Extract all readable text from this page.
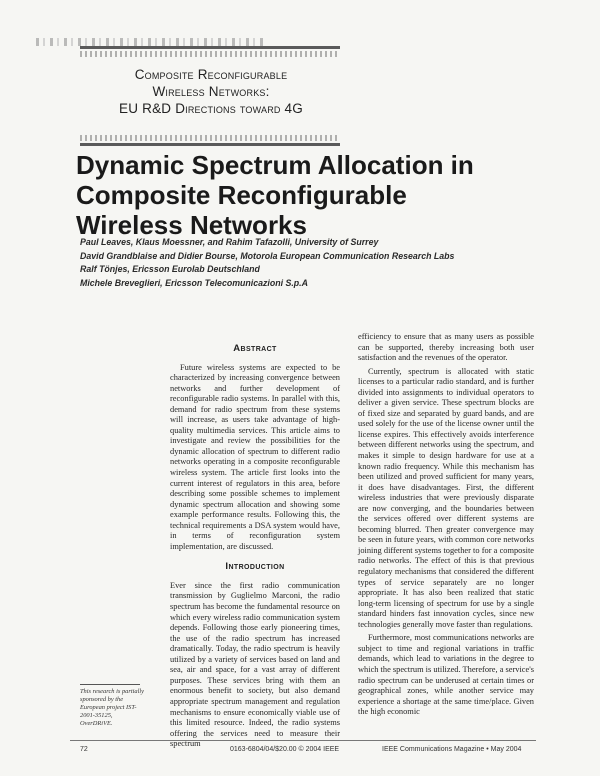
Composite Reconfigurable
Wireless Networks:
EU R&D Directions toward 4G
Dynamic Spectrum Allocation in
Composite Reconfigurable
Wireless Networks
Paul Leaves, Klaus Moessner, and Rahim Tafazolli, University of Surrey
David Grandblaise and Didier Bourse, Motorola European Communication Research Labs
Ralf Tönjes, Ericsson Eurolab Deutschland
Michele Breveglieri, Ericsson Telecomunicazioni S.p.A
Abstract

Future wireless systems are expected to be characterized by increasing convergence between networks and further development of reconfigurable radio systems. In parallel with this, demand for radio spectrum from these systems will increase, as users take advantage of high-quality multimedia services. This article aims to investigate and review the possibilities for the dynamic allocation of spectrum to different radio networks operating in a composite reconfigurable wireless system. The article first looks into the current interest of regulators in this area, before describing some possible schemes to implement dynamic spectrum allocation and showing some example performance results. Following this, the technical requirements a DSA system would have, in terms of reconfiguration system implementation, are discussed.

Introduction

Ever since the first radio communication transmission by Guglielmo Marconi, the radio spectrum has become the fundamental resource on which every wireless radio communication system depends. Following those early pioneering times, the use of the radio spectrum has increased dramatically. Today, the radio spectrum is heavily utilized by a variety of services based on land and sea, air and space, for a vast array of different purposes. These services bring with them an enormous benefit to society, but also demand appropriate spectrum management and regulation mechanisms to ensure economically viable use of this limited resource. Indeed, the radio systems offering the services need to measure their spectrum

efficiency to ensure that as many users as possible can be supported, thereby increasing both user satisfaction and the revenues of the operator.

Currently, spectrum is allocated with static licenses to a particular radio standard, and is further divided into assignments to individual operators to deliver a given service. These spectrum blocks are of fixed size and separated by guard bands, and are used solely for the use of the license owner until the license expires. This effectively avoids interference between different networks using the spectrum, and makes it simple to design hardware for use at a known radio frequency. While this mechanism has been utilized and proved sufficient for many years, it does have disadvantages. First, the different wireless industries that were previously disparate are now converging, and the boundaries between the services offered over different systems are becoming blurred. Then greater convergence may be seen in future years, with common core networks joining different systems together to for a composite radio networks. The effect of this is that previous regulatory mechanisms that considered the different types of service separately are no longer appropriate. It has also been realized that static long-term licensing of spectrum for use by a single standard hinders fast innovation cycles, since new technologies generally move faster than regulations.

Furthermore, most communications networks are subject to time and regional variations in traffic demands, which lead to variations in the degree to which the spectrum is utilized. Therefore, a service's radio spectrum can be underused at certain times or geographical zones, while another service may experience a shortage at the same time/place. Given the high economic

This research is partially sponsored by the European project IST-2001-35125, OverDRiVE.
72	0163-6804/04/$20.00 © 2004 IEEE	IEEE Communications Magazine • May 2004
